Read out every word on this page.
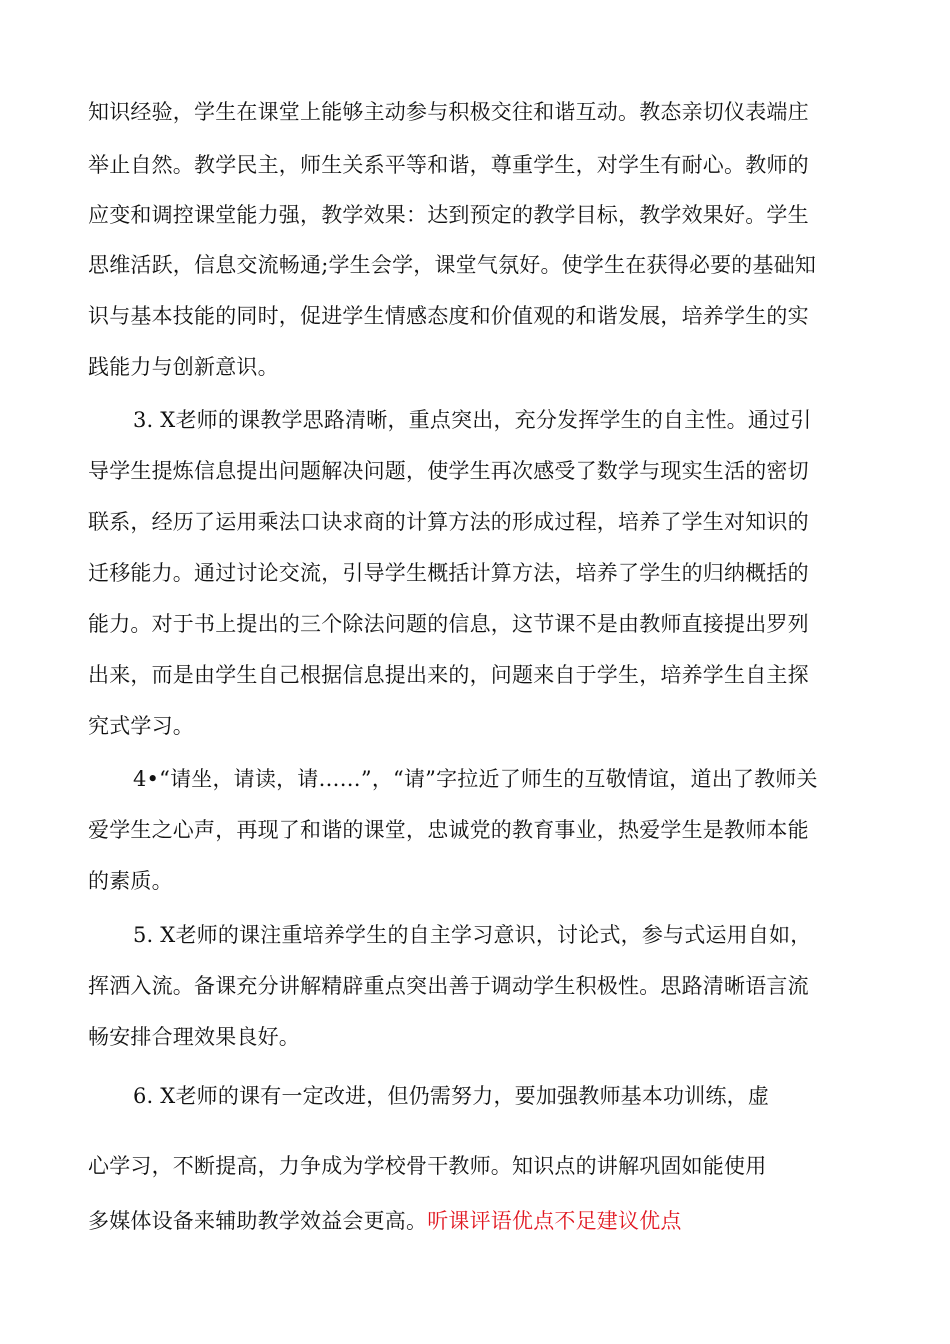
知识经验，学生在课堂上能够主动参与积极交往和谐互动。教态亲切仪表端庄
举止自然。教学民主，师生关系平等和谐，尊重学生，对学生有耐心。教师的
应变和调控课堂能力强，教学效果：达到预定的教学目标，教学效果好。学生
思维活跃，信息交流畅通;学生会学，课堂气氛好。使学生在获得必要的基础知
识与基本技能的同时，促进学生情感态度和价值观的和谐发展，培养学生的实
践能力与创新意识。
3. X老师的课教学思路清晰，重点突出，充分发挥学生的自主性。通过引
导学生提炼信息提出问题解决问题，使学生再次感受了数学与现实生活的密切
联系，经历了运用乘法口诀求商的计算方法的形成过程，培养了学生对知识的
迁移能力。通过讨论交流，引导学生概括计算方法，培养了学生的归纳概括的
能力。对于书上提出的三个除法问题的信息，这节课不是由教师直接提出罗列
出来，而是由学生自己根据信息提出来的，问题来自于学生，培养学生自主探
究式学习。
4•“请坐，请读，请……”，“请”字拉近了师生的互敬情谊，道出了教师关
爱学生之心声，再现了和谐的课堂，忠诚党的教育事业，热爱学生是教师本能
的素质。
5. X老师的课注重培养学生的自主学习意识，讨论式，参与式运用自如，
挥洒入流。备课充分讲解精辟重点突出善于调动学生积极性。思路清晰语言流
畅安排合理效果良好。
6. X老师的课有一定改进，但仍需努力，要加强教师基本功训练，虚
心学习，不断提高，力争成为学校骨干教师。知识点的讲解巩固如能使用
多媒体设备来辅助教学效益会更高。听课评语优点不足建议优点
